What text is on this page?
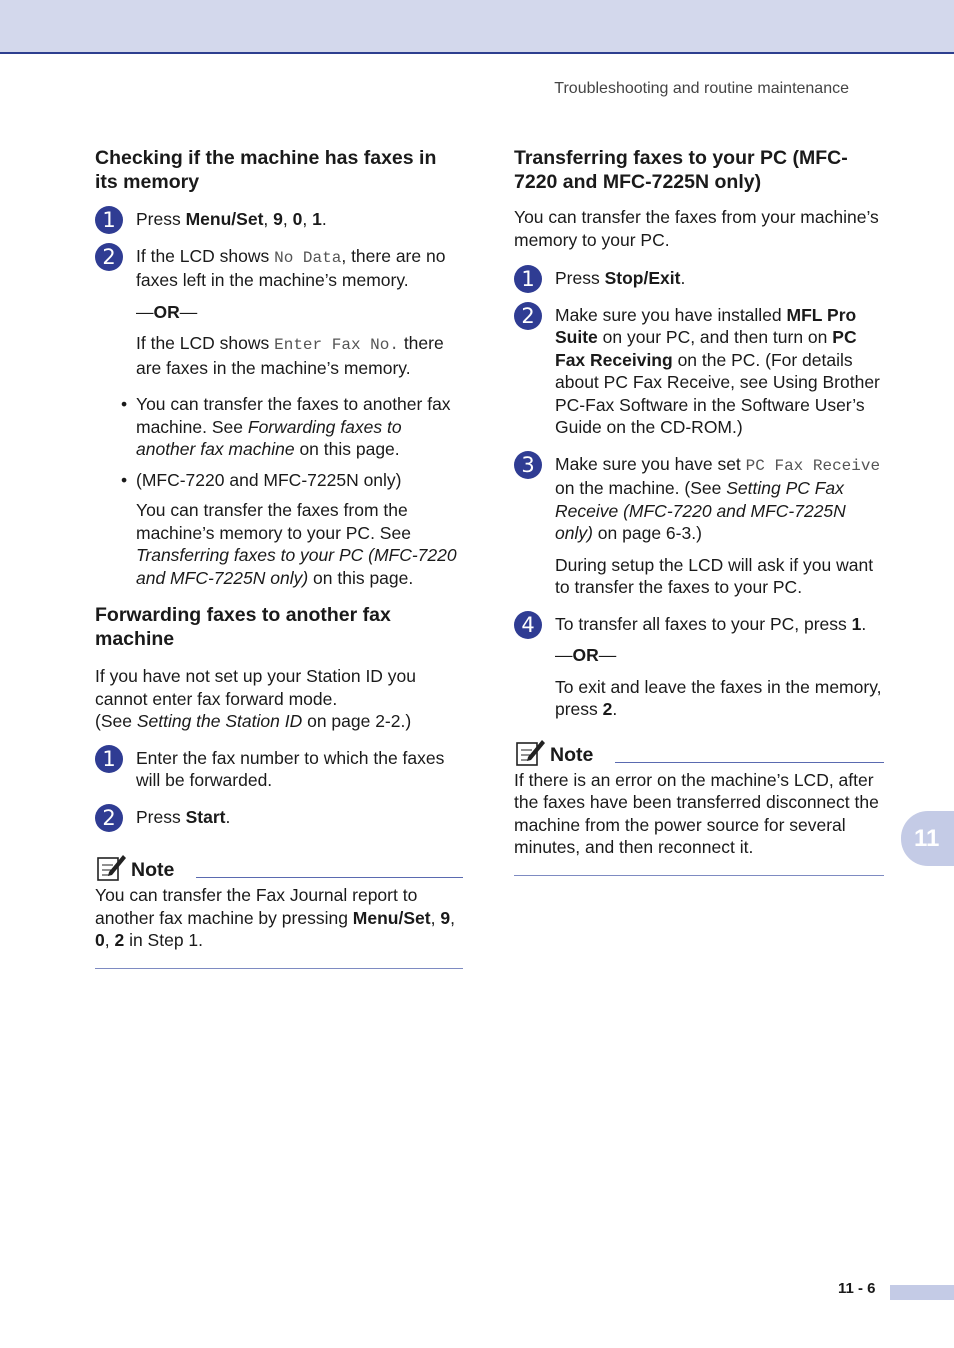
Troubleshooting and routine maintenance
Checking if the machine has faxes in its memory
1	Press Menu/Set, 9, 0, 1.

2	If the LCD shows No Data, there are no faxes left in the machine’s memory.

—OR—

If the LCD shows Enter Fax No. there are faxes in the machine’s memory.

• You can transfer the faxes to another fax machine. See Forwarding faxes to another fax machine on this page.
• (MFC-7220 and MFC-7225N only)

You can transfer the faxes from the machine’s memory to your PC. See Transferring faxes to your PC (MFC-7220 and MFC-7225N only) on this page.

Forwarding faxes to another fax machine

If you have not set up your Station ID you cannot enter fax forward mode.

(See Setting the Station ID on page 2-2.)

1	Enter the fax number to which the faxes will be forwarded.

2	Press Start.

Note

You can transfer the Fax Journal report to another fax machine by pressing Menu/Set, 9, 0, 2 in Step 1.

Transferring faxes to your PC (MFC-7220 and MFC-7225N only)

You can transfer the faxes from your machine’s memory to your PC.

1	Press Stop/Exit.

2	Make sure you have installed MFL Pro Suite on your PC, and then turn on PC Fax Receiving on the PC. (For details about PC Fax Receive, see Using Brother PC-Fax Software in the Software User’s Guide on the CD-ROM.)

3	Make sure you have set PC Fax Receive on the machine. (See Setting PC Fax Receive (MFC-7220 and MFC-7225N only) on page 6-3.)

During setup the LCD will ask if you want to transfer the faxes to your PC.

4	To transfer all faxes to your PC, press 1.

—OR—

To exit and leave the faxes in the memory, press 2.

Note

If there is an error on the machine’s LCD, after the faxes have been transferred disconnect the machine from the power source for several minutes, and then reconnect it.	11
11 - 6
